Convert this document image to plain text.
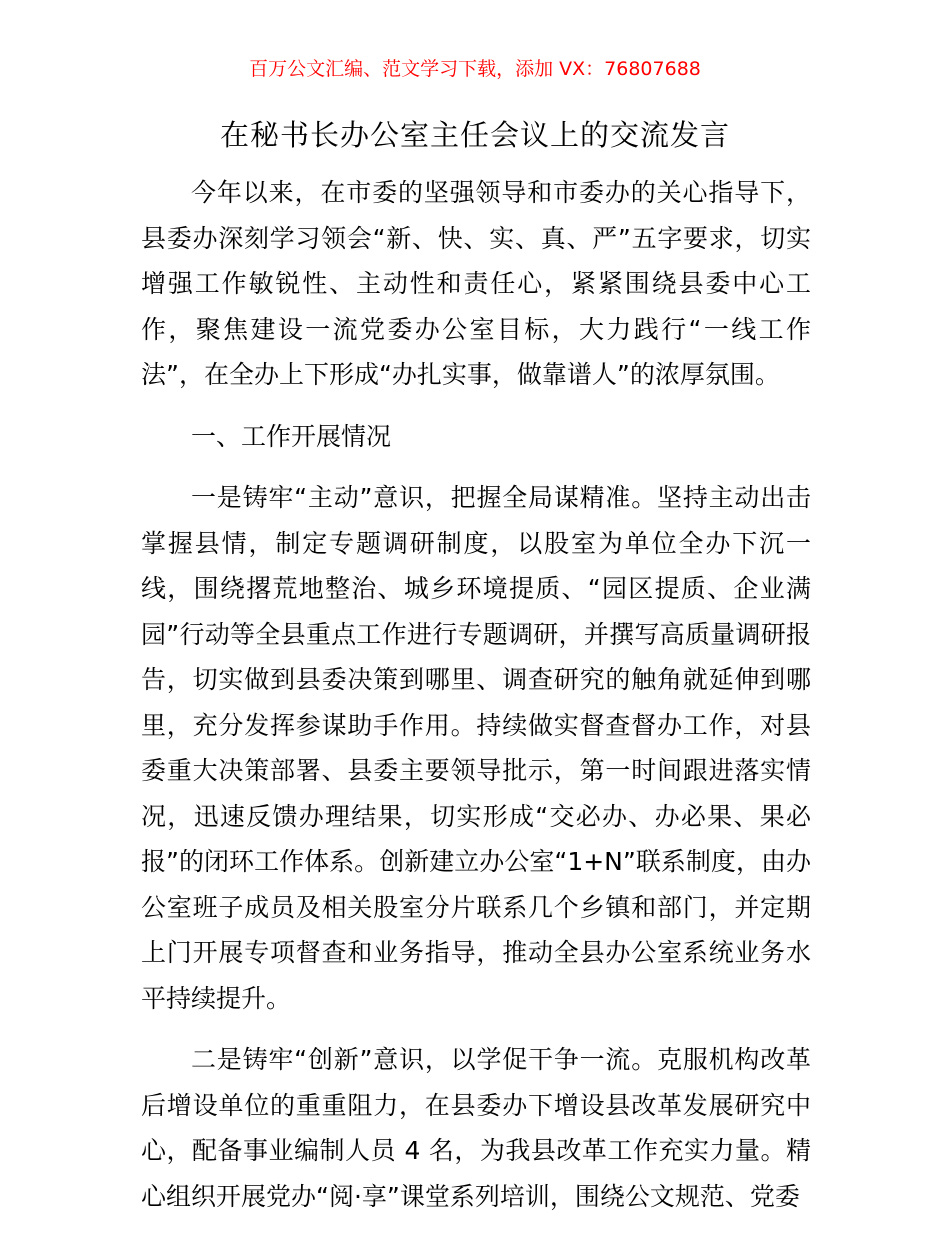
百万公文汇编、范文学习下载，添加 VX：76807688
在秘书长办公室主任会议上的交流发言

今年以来，在市委的坚强领导和市委办的关心指导下，县委办深刻学习领会“新、快、实、真、严”五字要求，切实增强工作敏锐性、主动性和责任心，紧紧围绕县委中心工作，聚焦建设一流党委办公室目标，大力践行“一线工作法”，在全办上下形成“办扎实事，做靠谱人”的浓厚氛围。

一、工作开展情况

一是铸牢“主动”意识，把握全局谋精准。坚持主动出击掌握县情，制定专题调研制度，以股室为单位全办下沉一线，围绕撂荒地整治、城乡环境提质、“园区提质、企业满园”行动等全县重点工作进行专题调研，并撰写高质量调研报告，切实做到县委决策到哪里、调查研究的触角就延伸到哪里，充分发挥参谋助手作用。持续做实督查督办工作，对县委重大决策部署、县委主要领导批示，第一时间跟进落实情况，迅速反馈办理结果，切实形成“交必办、办必果、果必报”的闭环工作体系。创新建立办公室“1+N”联系制度，由办公室班子成员及相关股室分片联系几个乡镇和部门，并定期上门开展专项督查和业务指导，推动全县办公室系统业务水平持续提升。

二是铸牢“创新”意识，以学促干争一流。克服机构改革后增设单位的重重阻力，在县委办下增设县改革发展研究中心，配备事业编制人员 4 名，为我县改革工作充实力量。精心组织开展党办“阅·享”课堂系列培训，围绕公文规范、党委
